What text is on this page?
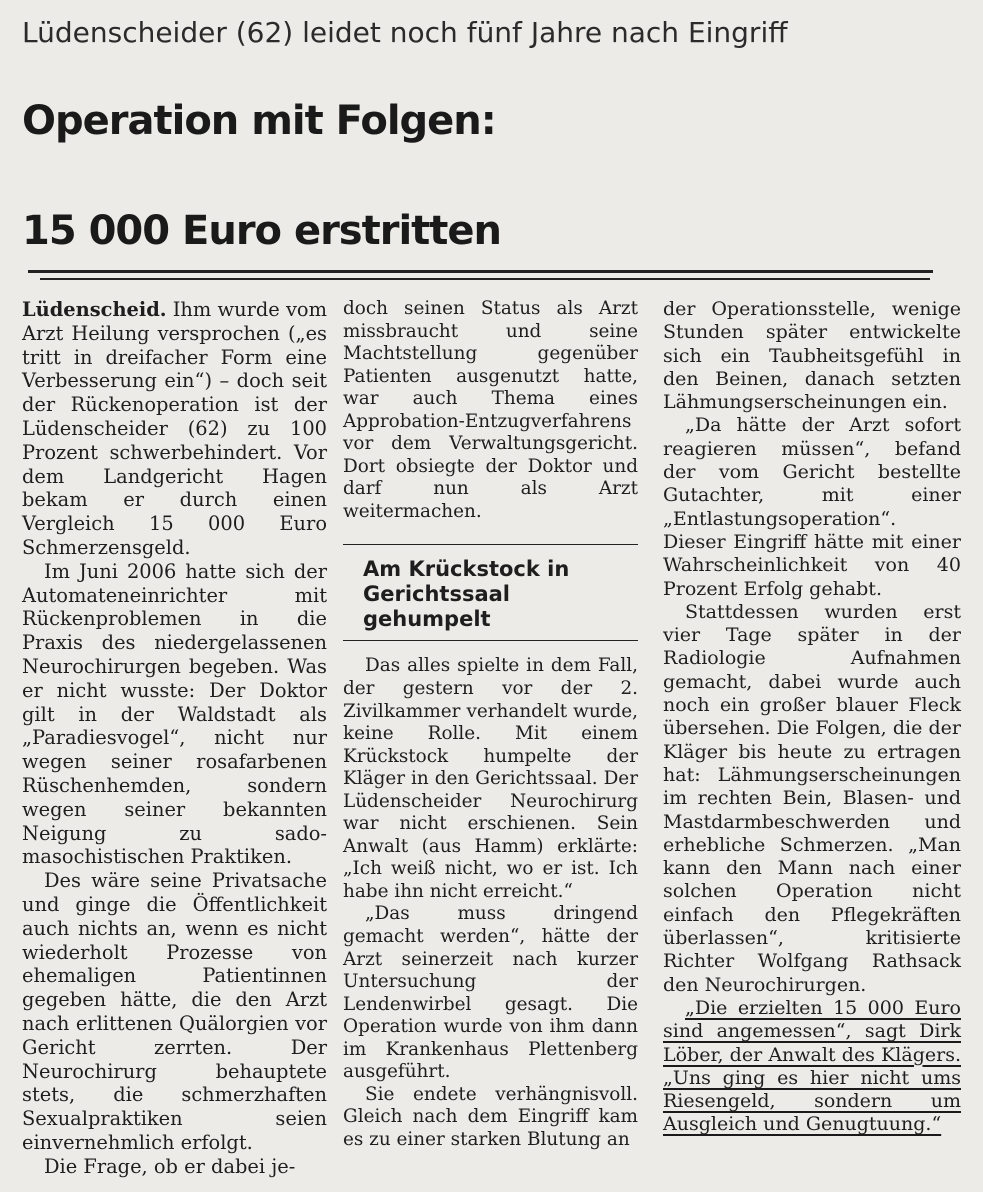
Lüdenscheider (62) leidet noch fünf Jahre nach Eingriff
Operation mit Folgen:
15 000 Euro erstritten

Lüdenscheid. Ihm wurde vom Arzt Heilung versprochen („es tritt in dreifacher Form eine Verbesserung ein“) – doch seit der Rückenoperation ist der Lüdenscheider (62) zu 100 Prozent schwerbehindert. Vor dem Landgericht Hagen bekam er durch einen Vergleich 15 000 Euro Schmerzensgeld.

Im Juni 2006 hatte sich der Automateneinrichter mit Rückenproblemen in die Praxis des niedergelassenen Neurochirurgen begeben. Was er nicht wusste: Der Doktor gilt in der Waldstadt als „Paradiesvogel“, nicht nur wegen seiner rosafarbenen Rüschenhemden, sondern wegen seiner bekannten Neigung zu sado-masochistischen Praktiken.

Des wäre seine Privatsache und ginge die Öffentlichkeit auch nichts an, wenn es nicht wiederholt Prozesse von ehemaligen Patientinnen gegeben hätte, die den Arzt nach erlittenen Quälorgien vor Gericht zerrten. Der Neurochirurg behauptete stets, die schmerzhaften Sexualpraktiken seien einvernehmlich erfolgt.

Die Frage, ob er dabei je-

doch seinen Status als Arzt missbraucht und seine Machtstellung gegenüber Patienten ausgenutzt hatte, war auch Thema eines Approbation-Entzugverfahrens vor dem Verwaltungsgericht. Dort obsiegte der Doktor und darf nun als Arzt weitermachen.

Am Krückstock in Gerichtssaal gehumpelt

Das alles spielte in dem Fall, der gestern vor der 2. Zivilkammer verhandelt wurde, keine Rolle. Mit einem Krückstock humpelte der Kläger in den Gerichtssaal. Der Lüdenscheider Neurochirurg war nicht erschienen. Sein Anwalt (aus Hamm) erklärte: „Ich weiß nicht, wo er ist. Ich habe ihn nicht erreicht.“

„Das muss dringend gemacht werden“, hätte der Arzt seinerzeit nach kurzer Untersuchung der Lendenwirbel gesagt. Die Operation wurde von ihm dann im Krankenhaus Plettenberg ausgeführt.

Sie endete verhängnisvoll. Gleich nach dem Eingriff kam es zu einer starken Blutung an

der Operationsstelle, wenige Stunden später entwickelte sich ein Taubheitsgefühl in den Beinen, danach setzten Lähmungserscheinungen ein.

„Da hätte der Arzt sofort reagieren müssen“, befand der vom Gericht bestellte Gutachter, mit einer „Entlastungsoperation“. Dieser Eingriff hätte mit einer Wahrscheinlichkeit von 40 Prozent Erfolg gehabt.

Stattdessen wurden erst vier Tage später in der Radiologie Aufnahmen gemacht, dabei wurde auch noch ein großer blauer Fleck übersehen. Die Folgen, die der Kläger bis heute zu ertragen hat: Lähmungserscheinungen im rechten Bein, Blasen- und Mastdarmbeschwerden und erhebliche Schmerzen. „Man kann den Mann nach einer solchen Operation nicht einfach den Pflegekräften überlassen“, kritisierte Richter Wolfgang Rathsack den Neurochirurgen.

„Die erzielten 15 000 Euro sind angemessen“, sagt Dirk Löber, der Anwalt des Klägers. „Uns ging es hier nicht ums Riesengeld, sondern um Ausgleich und Genugtuung.“
